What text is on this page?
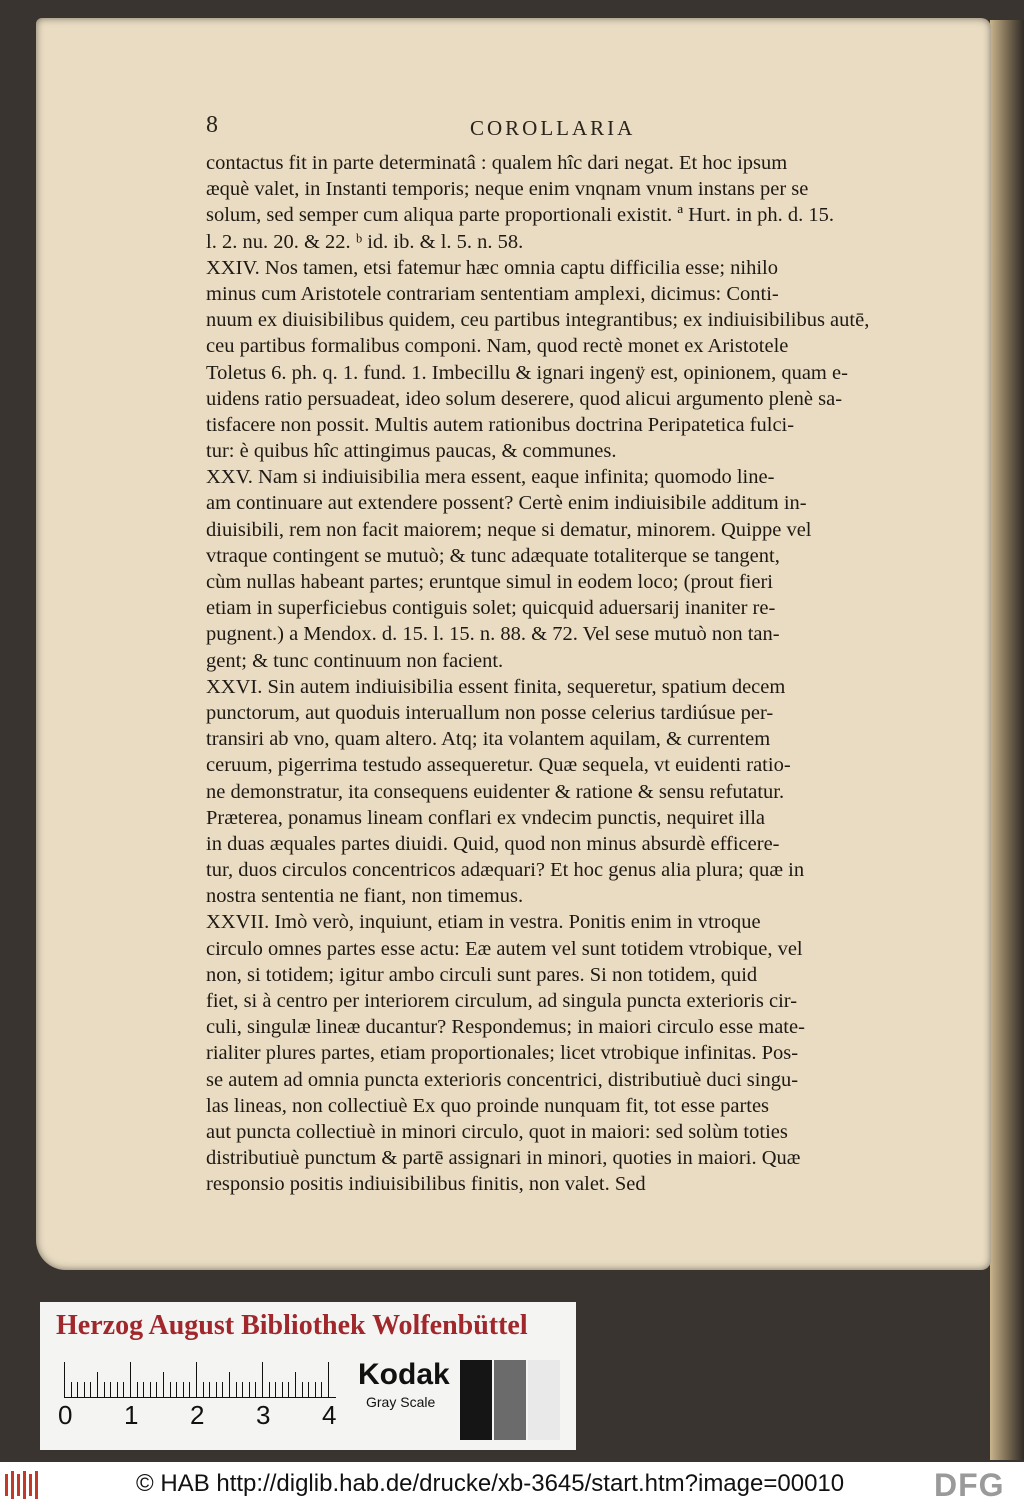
8	COROLLARIA
contactus fit in parte determinatâ : qualem hîc dari negat. Et hoc ipsum
æquè valet, in Instanti temporis; neque enim vnqnam vnum instans per se
solum, sed semper cum aliqua parte proportionali existit. ª Hurt. in ph. d. 15.
l. 2. nu. 20. & 22. ᵇ id. ib. & l. 5. n. 58.
XXIV. Nos tamen, etsi fatemur hæc omnia captu difficilia esse; nihilo
minus cum Aristotele contrariam sententiam amplexi, dicimus: Conti-
nuum ex diuisibilibus quidem, ceu partibus integrantibus; ex indiuisibilibus autē,
ceu partibus formalibus componi. Nam, quod rectè monet ex Aristotele
Toletus 6. ph. q. 1. fund. 1. Imbecillu & ignari ingenÿ est, opinionem, quam e-
uidens ratio persuadeat, ideo solum deserere, quod alicui argumento plenè sa-
tisfacere non possit. Multis autem rationibus doctrina Peripatetica fulci-
tur: è quibus hîc attingimus paucas, & communes.
XXV. Nam si indiuisibilia mera essent, eaque infinita; quomodo line-
am continuare aut extendere possent? Certè enim indiuisibile additum in-
diuisibili, rem non facit maiorem; neque si dematur, minorem. Quippe vel
vtraque contingent se mutuò; & tunc adæquate totaliterque se tangent,
cùm nullas habeant partes; eruntque simul in eodem loco; (prout fieri
etiam in superficiebus contiguis solet; quicquid aduersarij inaniter re-
pugnent.) a Mendox. d. 15. l. 15. n. 88. & 72. Vel sese mutuò non tan-
gent; & tunc continuum non facient.
XXVI. Sin autem indiuisibilia essent finita, sequeretur, spatium decem
punctorum, aut quoduis interuallum non posse celerius tardiúsue per-
transiri ab vno, quam altero. Atq; ita volantem aquilam, & currentem
ceruum, pigerrima testudo assequeretur. Quæ sequela, vt euidenti ratio-
ne demonstratur, ita consequens euidenter & ratione & sensu refutatur.
Præterea, ponamus lineam conflari ex vndecim punctis, nequiret illa
in duas æquales partes diuidi. Quid, quod non minus absurdè efficere-
tur, duos circulos concentricos adæquari? Et hoc genus alia plura; quæ in
nostra sententia ne fiant, non timemus.
XXVII. Imò verò, inquiunt, etiam in vestra. Ponitis enim in vtroque
circulo omnes partes esse actu: Eæ autem vel sunt totidem vtrobique, vel
non, si totidem; igitur ambo circuli sunt pares. Si non totidem, quid
fiet, si à centro per interiorem circulum, ad singula puncta exterioris cir-
culi, singulæ lineæ ducantur? Respondemus; in maiori circulo esse mate-
rialiter plures partes, etiam proportionales; licet vtrobique infinitas. Pos-
se autem ad omnia puncta exterioris concentrici, distributiuè duci singu-
las lineas, non collectiuè Ex quo proinde nunquam fit, tot esse partes
aut puncta collectiuè in minori circulo, quot in maiori: sed solùm toties
distributiuè punctum & partē assignari in minori, quoties in maiori. Quæ
responsio positis indiuisibilibus finitis, non valet. Sed
Herzog August Bibliothek Wolfenbüttel
0 1 2 3 4
Kodak
Gray Scale
© HAB http://diglib.hab.de/drucke/xb-3645/start.htm?image=00010	DFG
